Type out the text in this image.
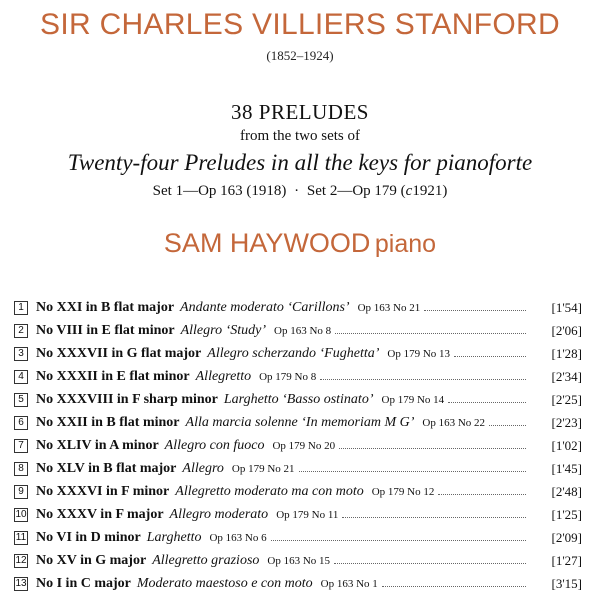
SIR CHARLES VILLIERS STANFORD
(1852–1924)
38 PRELUDES
from the two sets of
Twenty-four Preludes in all the keys for pianoforte
Set 1—Op 163 (1918) · Set 2—Op 179 (c1921)
SAM HAYWOOD piano
1 No XXI in B flat major Andante moderato ‘Carillons’ Op 163 No 21	[1'54]
2 No VIII in E flat minor Allegro ‘Study’ Op 163 No 8	[2'06]
3 No XXXVII in G flat major Allegro scherzando ‘Fughetta’ Op 179 No 13	[1'28]
4 No XXXII in E flat minor Allegretto Op 179 No 8	[2'34]
5 No XXXVIII in F sharp minor Larghetto ‘Basso ostinato’ Op 179 No 14	[2'25]
6 No XXII in B flat minor Alla marcia solenne ‘In memoriam M G’ Op 163 No 22	[2'23]
7 No XLIV in A minor Allegro con fuoco Op 179 No 20	[1'02]
8 No XLV in B flat major Allegro Op 179 No 21	[1'45]
9 No XXXVI in F minor Allegretto moderato ma con moto Op 179 No 12	[2'48]
10 No XXXV in F major Allegro moderato Op 179 No 11	[1'25]
11 No VI in D minor Larghetto Op 163 No 6	[2'09]
12 No XV in G major Allegretto grazioso Op 163 No 15	[1'27]
13 No I in C major Moderato maestoso e con moto Op 163 No 1	[3'15]
